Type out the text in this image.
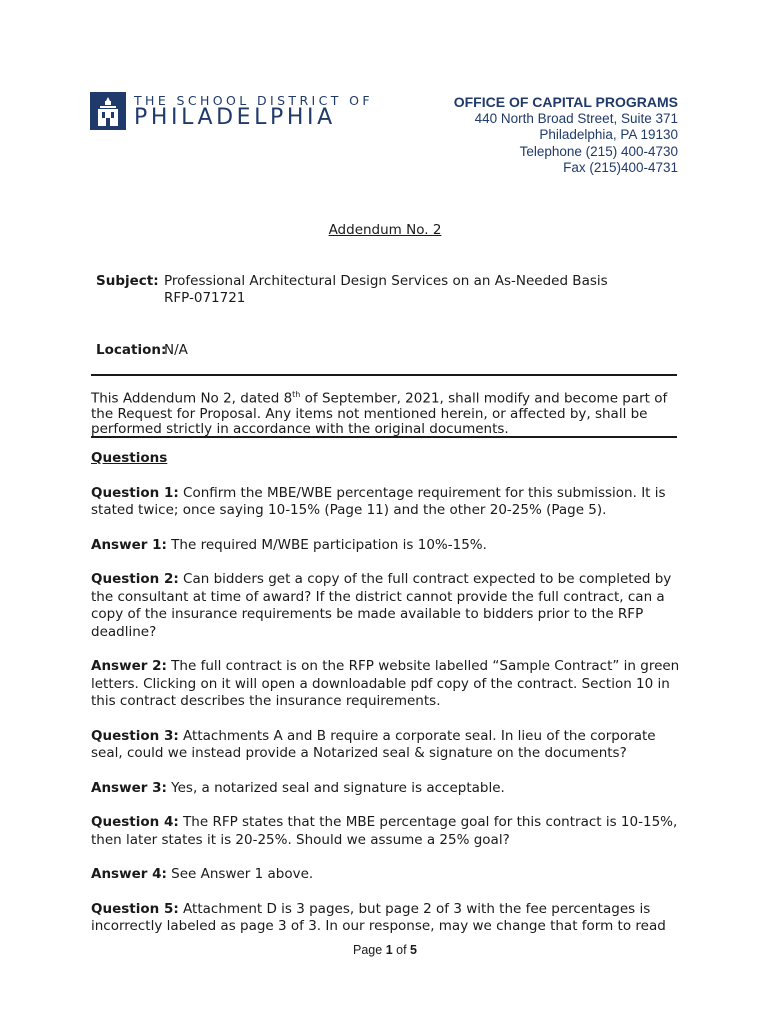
THE SCHOOL DISTRICT OF
PHILADELPHIA
OFFICE OF CAPITAL PROGRAMS
440 North Broad Street, Suite 371
Philadelphia, PA 19130
Telephone (215) 400-4730
Fax (215)400-4731
Addendum No. 2
Subject: Professional Architectural Design Services on an As-Needed Basis
RFP-071721
Location:
N/A
This Addendum No 2, dated 8th of September, 2021, shall modify and become part of the Request for Proposal. Any items not mentioned herein, or affected by, shall be performed strictly in accordance with the original documents.

Questions

Question 1: Confirm the MBE/WBE percentage requirement for this submission. It is stated twice; once saying 10-15% (Page 11) and the other 20-25% (Page 5).

Answer 1: The required M/WBE participation is 10%-15%.

Question 2: Can bidders get a copy of the full contract expected to be completed by the consultant at time of award? If the district cannot provide the full contract, can a copy of the insurance requirements be made available to bidders prior to the RFP deadline?

Answer 2: The full contract is on the RFP website labelled “Sample Contract” in green letters. Clicking on it will open a downloadable pdf copy of the contract. Section 10 in this contract describes the insurance requirements.

Question 3: Attachments A and B require a corporate seal. In lieu of the corporate seal, could we instead provide a Notarized seal & signature on the documents?

Answer 3: Yes, a notarized seal and signature is acceptable.

Question 4: The RFP states that the MBE percentage goal for this contract is 10-15%, then later states it is 20-25%. Should we assume a 25% goal?

Answer 4: See Answer 1 above.

Question 5: Attachment D is 3 pages, but page 2 of 3 with the fee percentages is incorrectly labeled as page 3 of 3. In our response, may we change that form to read

Page 1 of 5
